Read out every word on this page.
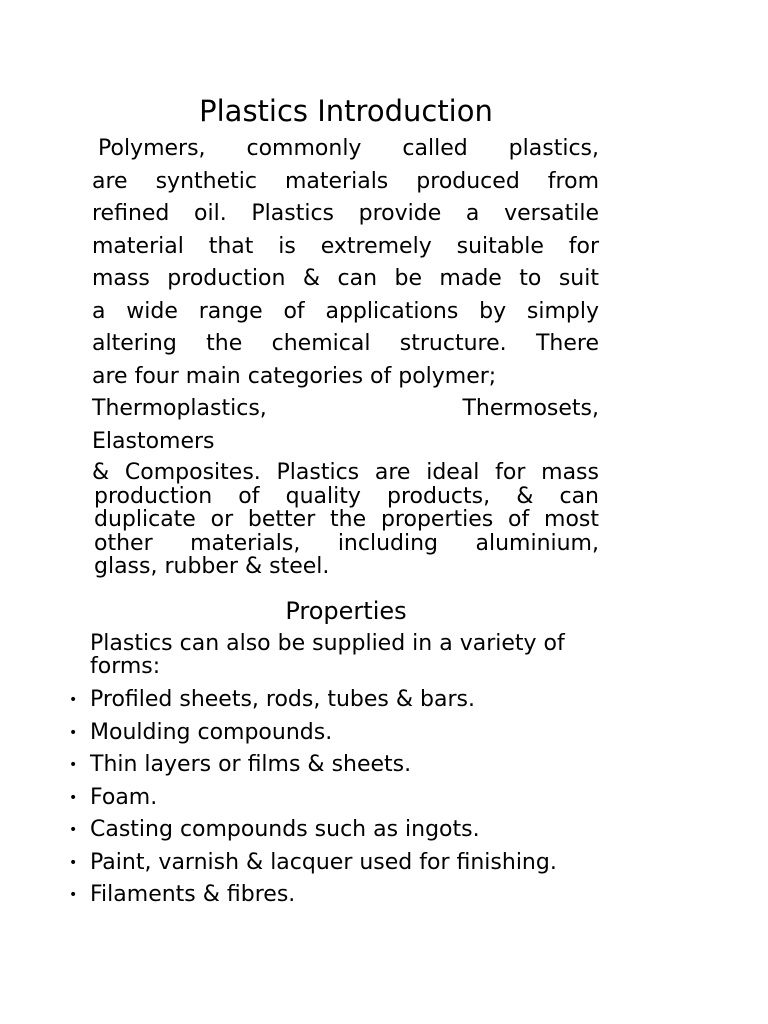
Plastics Introduction
Polymers, commonly called plastics,
are synthetic materials produced from
refined oil. Plastics provide a versatile
material that is extremely suitable for
mass production & can be made to suit
a wide range of applications by simply
altering the chemical structure. There
are four main categories of polymer;
Thermoplastics,                    Thermosets,
Elastomers
& Composites. Plastics are ideal for mass
production of quality products, & can
duplicate or better the properties of most
other materials, including aluminium,
glass, rubber & steel.
Properties
Plastics can also be supplied in a variety of
forms:
• Profiled sheets, rods, tubes & bars.
• Moulding compounds.
• Thin layers or films & sheets.
• Foam.
• Casting compounds such as ingots.
• Paint, varnish & lacquer used for finishing.
• Filaments & fibres.
